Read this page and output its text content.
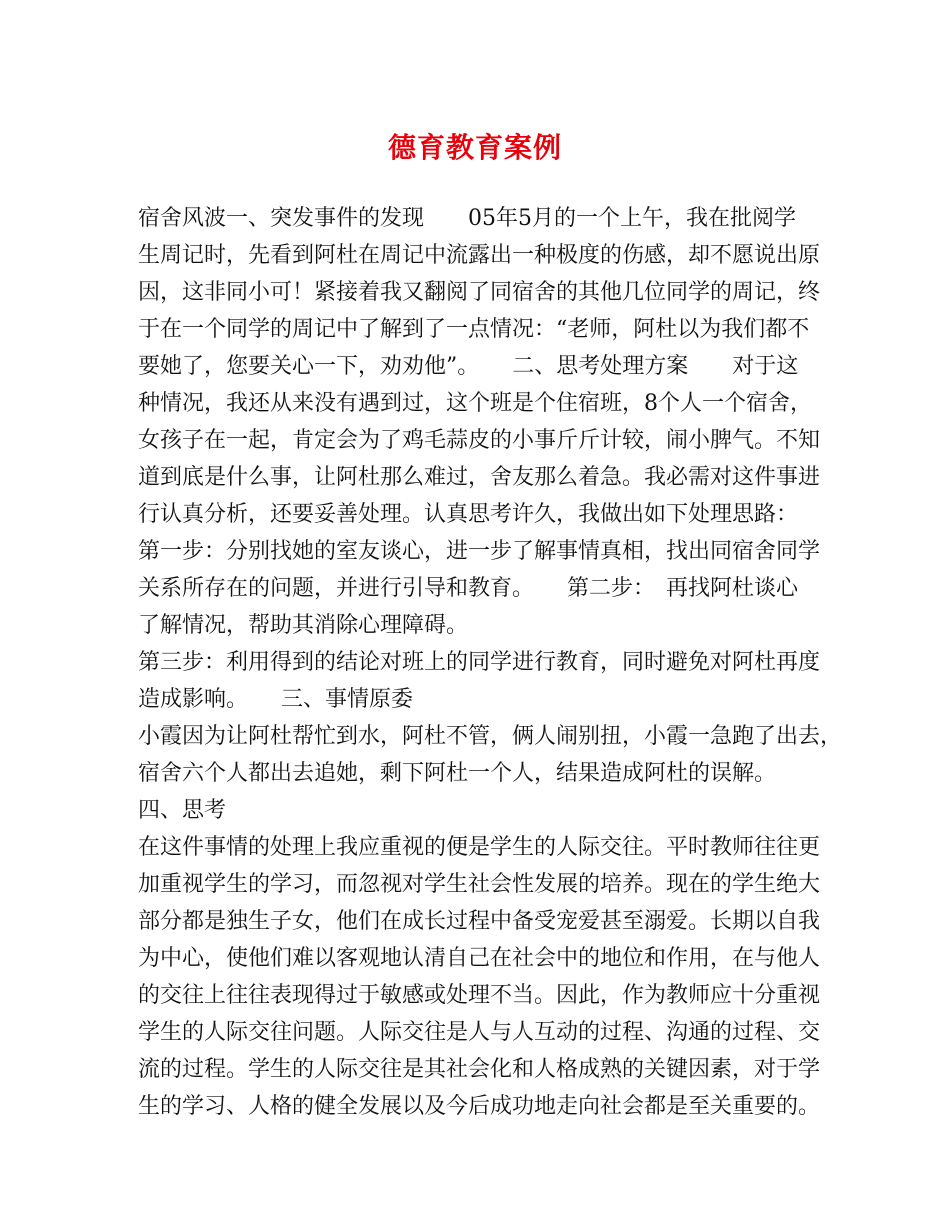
德育教育案例
宿舍风波一、突发事件的发现　　05年5月的一个上午，我在批阅学
生周记时，先看到阿杜在周记中流露出一种极度的伤感，却不愿说出原
因，这非同小可！紧接着我又翻阅了同宿舍的其他几位同学的周记，终
于在一个同学的周记中了解到了一点情况：“老师，阿杜以为我们都不
要她了，您要关心一下，劝劝他”。　　二、思考处理方案　　对于这
种情况，我还从来没有遇到过，这个班是个住宿班，8个人一个宿舍，
女孩子在一起，肯定会为了鸡毛蒜皮的小事斤斤计较，闹小脾气。不知
道到底是什么事，让阿杜那么难过，舍友那么着急。我必需对这件事进
行认真分析，还要妥善处理。认真思考许久，我做出如下处理思路：
第一步：分别找她的室友谈心，进一步了解事情真相，找出同宿舍同学
关系所存在的问题，并进行引导和教育。　　第二步：　再找阿杜谈心
了解情况，帮助其消除心理障碍。
第三步：利用得到的结论对班上的同学进行教育，同时避免对阿杜再度
造成影响。　　三、事情原委
小霞因为让阿杜帮忙到水，阿杜不管，俩人闹别扭，小霞一急跑了出去，
宿舍六个人都出去追她，剩下阿杜一个人，结果造成阿杜的误解。
四、思考
在这件事情的处理上我应重视的便是学生的人际交往。平时教师往往更
加重视学生的学习，而忽视对学生社会性发展的培养。现在的学生绝大
部分都是独生子女，他们在成长过程中备受宠爱甚至溺爱。长期以自我
为中心，使他们难以客观地认清自己在社会中的地位和作用，在与他人
的交往上往往表现得过于敏感或处理不当。因此，作为教师应十分重视
学生的人际交往问题。人际交往是人与人互动的过程、沟通的过程、交
流的过程。学生的人际交往是其社会化和人格成熟的关键因素，对于学
生的学习、人格的健全发展以及今后成功地走向社会都是至关重要的。
